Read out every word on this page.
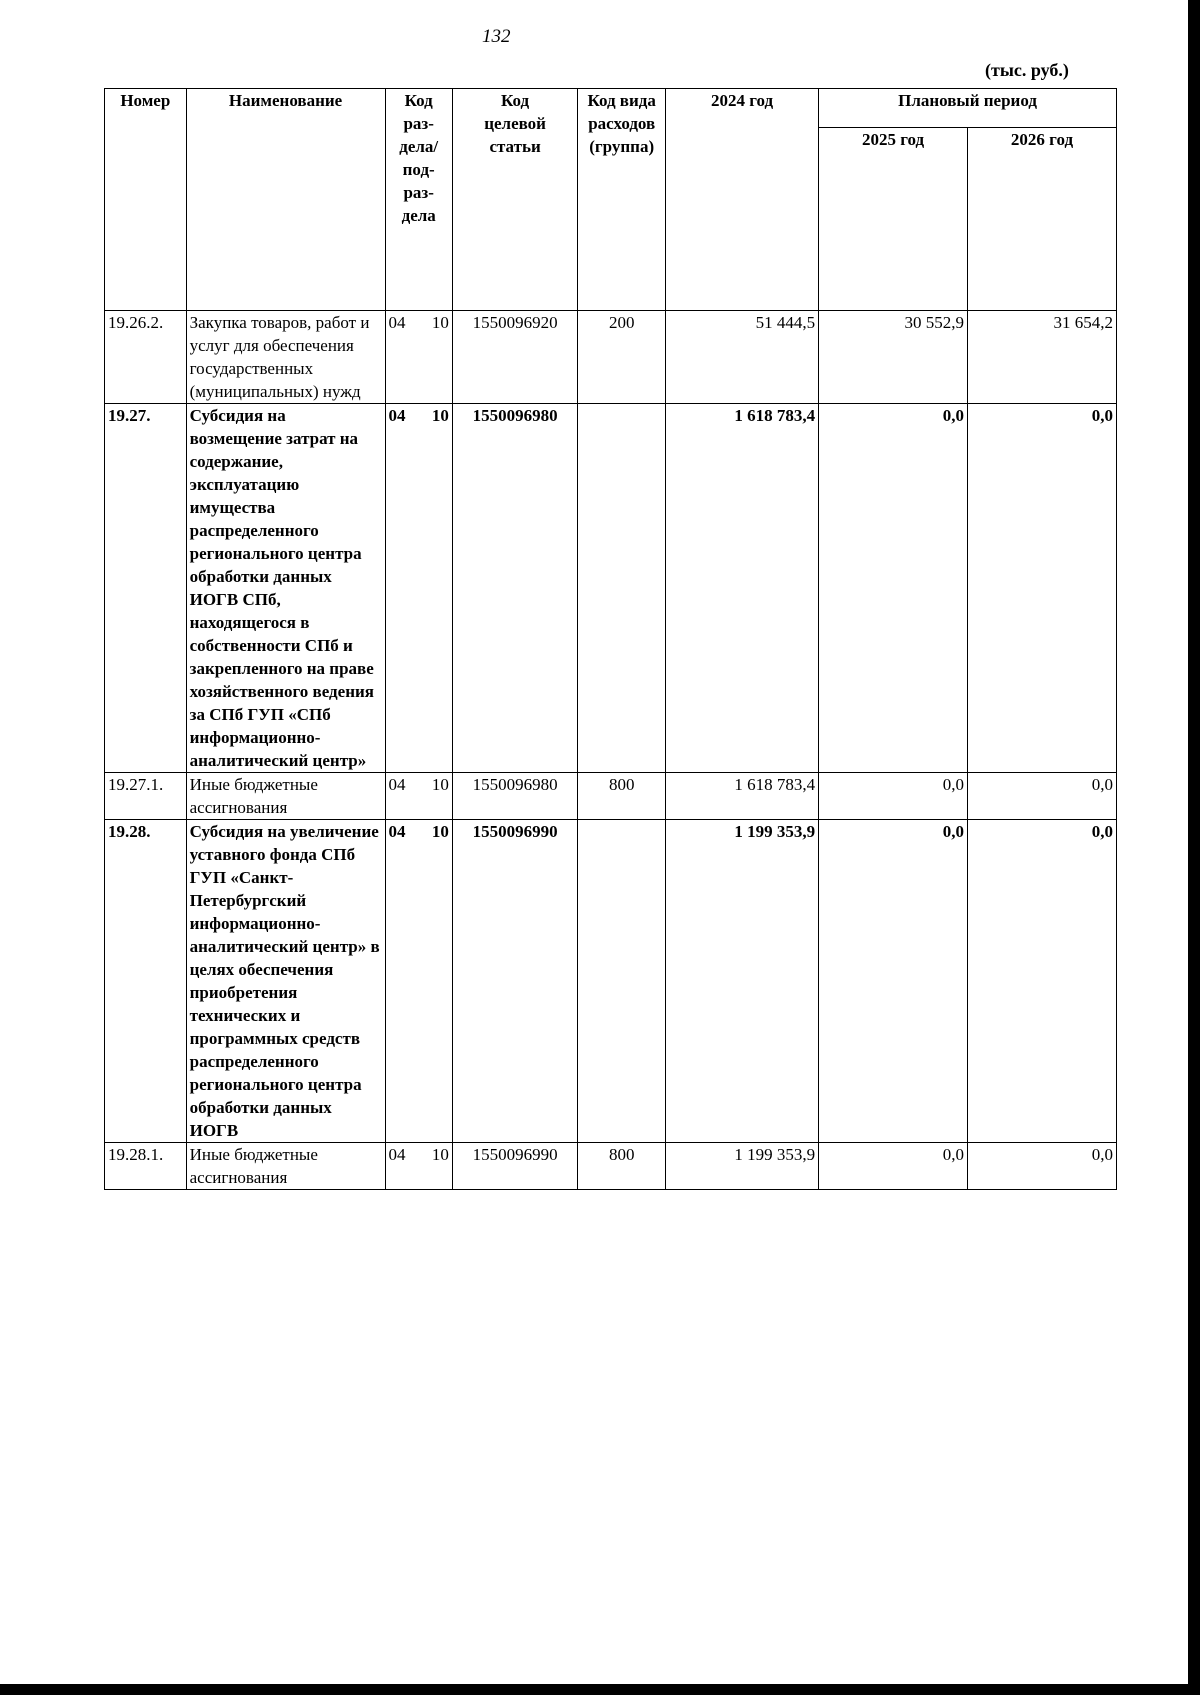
132
(тыс. руб.)
Номер	Наименование	Код раз-дела/ под-раз-дела	Код целевой статьи	Код вида расходов (группа)	2024 год	Плановый период	
						2025 год	2026 год
19.26.2.	Закупка товаров, работ и услуг для обеспечения государственных (муниципальных) нужд	04 10	1550096920	200	51 444,5	30 552,9	31 654,2
19.27.	Субсидия на возмещение затрат на содержание, эксплуатацию имущества распределенного регионального центра обработки данных ИОГВ СПб, находящегося в собственности СПб и закрепленного на праве хозяйственного ведения за СПб ГУП «СПб информационно-аналитический центр»	04 10	1550096980		1 618 783,4	0,0	0,0
19.27.1.	Иные бюджетные ассигнования	04 10	1550096980	800	1 618 783,4	0,0	0,0
19.28.	Субсидия на увеличение уставного фонда СПб ГУП «Санкт-Петербургский информационно-аналитический центр» в целях обеспечения приобретения технических и программных средств распределенного регионального центра обработки данных ИОГВ	04 10	1550096990		1 199 353,9	0,0	0,0
19.28.1.	Иные бюджетные ассигнования	04 10	1550096990	800	1 199 353,9	0,0	0,0
